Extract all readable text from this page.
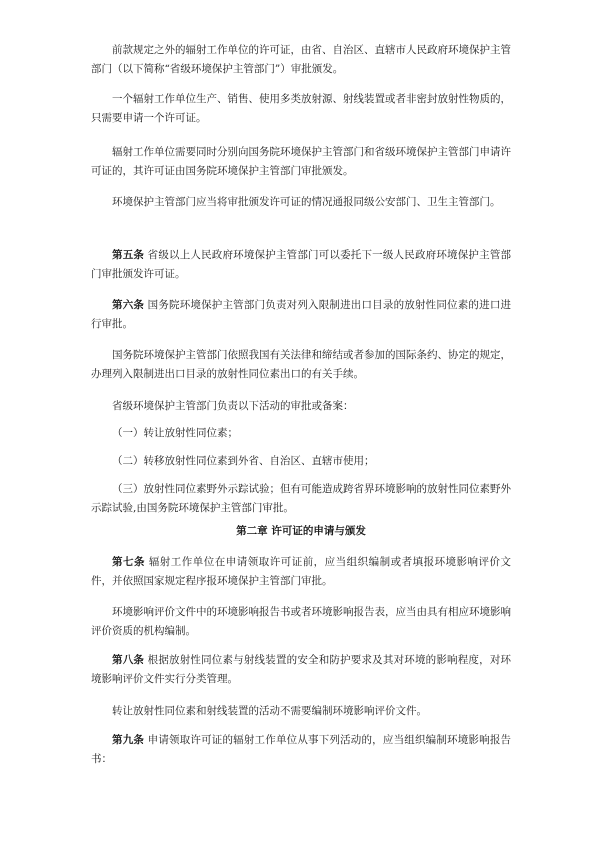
前款规定之外的辐射工作单位的许可证，由省、自治区、直辖市人民政府环境保护主管部门（以下简称“省级环境保护主管部门”）审批颁发。

一个辐射工作单位生产、销售、使用多类放射源、射线装置或者非密封放射性物质的，只需要申请一个许可证。

辐射工作单位需要同时分别向国务院环境保护主管部门和省级环境保护主管部门申请许可证的，其许可证由国务院环境保护主管部门审批颁发。

环境保护主管部门应当将审批颁发许可证的情况通报同级公安部门、卫生主管部门。

第五条 省级以上人民政府环境保护主管部门可以委托下一级人民政府环境保护主管部门审批颁发许可证。

第六条 国务院环境保护主管部门负责对列入限制进出口目录的放射性同位素的进口进行审批。

国务院环境保护主管部门依照我国有关法律和缔结或者参加的国际条约、协定的规定，办理列入限制进出口目录的放射性同位素出口的有关手续。

省级环境保护主管部门负责以下活动的审批或备案：

（一）转让放射性同位素；

（二）转移放射性同位素到外省、自治区、直辖市使用；

（三）放射性同位素野外示踪试验；但有可能造成跨省界环境影响的放射性同位素野外示踪试验,由国务院环境保护主管部门审批。

第二章 许可证的申请与颁发

第七条 辐射工作单位在申请领取许可证前，应当组织编制或者填报环境影响评价文件，并依照国家规定程序报环境保护主管部门审批。

环境影响评价文件中的环境影响报告书或者环境影响报告表，应当由具有相应环境影响评价资质的机构编制。

第八条 根据放射性同位素与射线装置的安全和防护要求及其对环境的影响程度，对环境影响评价文件实行分类管理。

转让放射性同位素和射线装置的活动不需要编制环境影响评价文件。

第九条 申请领取许可证的辐射工作单位从事下列活动的，应当组织编制环境影响报告书：
